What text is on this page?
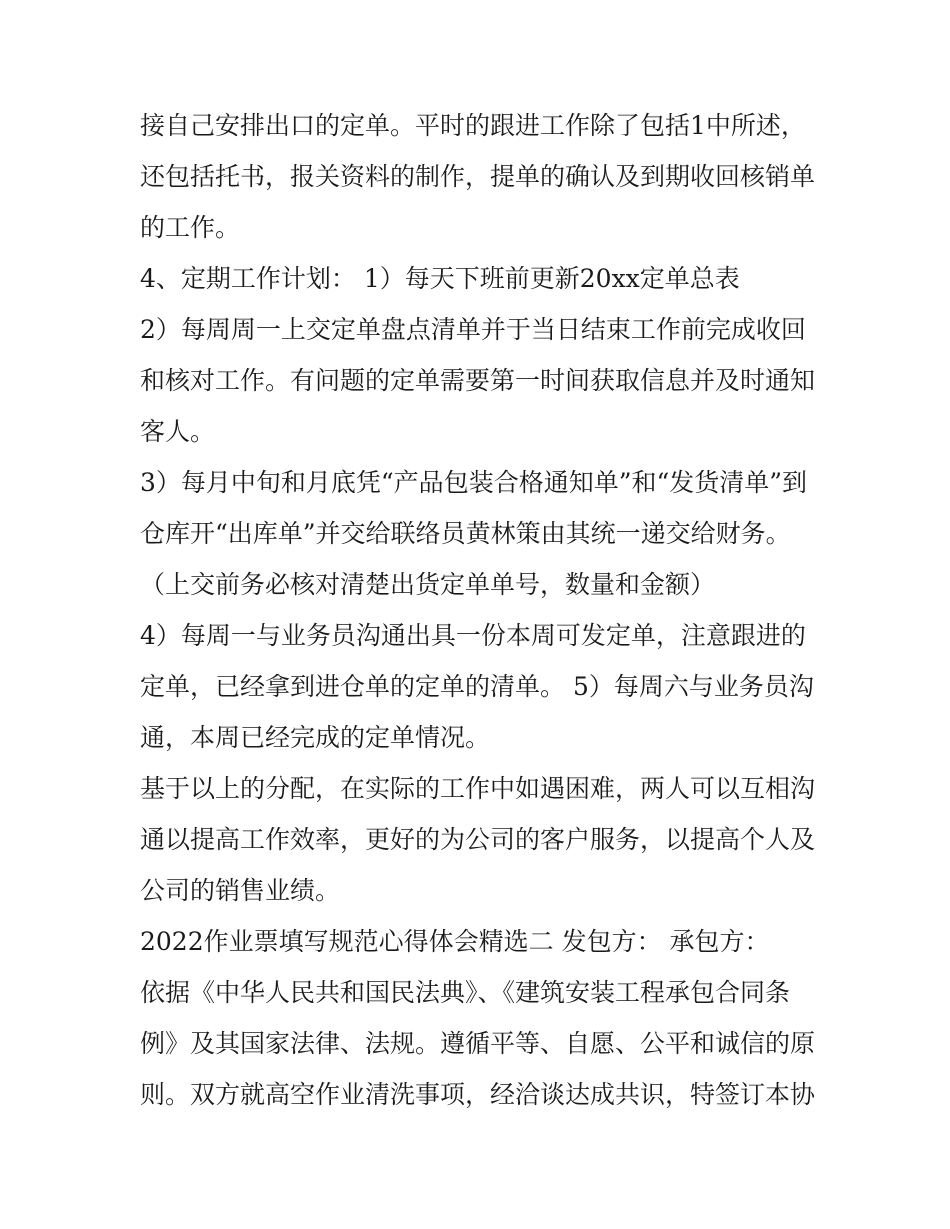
接自己安排出口的定单。平时的跟进工作除了包括1中所述，
还包括托书，报关资料的制作，提单的确认及到期收回核销单
的工作。
4、定期工作计划： 1）每天下班前更新20xx定单总表
2）每周周一上交定单盘点清单并于当日结束工作前完成收回
和核对工作。有问题的定单需要第一时间获取信息并及时通知
客人。
3）每月中旬和月底凭“产品包装合格通知单”和“发货清单”到
仓库开“出库单”并交给联络员黄林策由其统一递交给财务。
（上交前务必核对清楚出货定单单号，数量和金额）
4）每周一与业务员沟通出具一份本周可发定单，注意跟进的
定单，已经拿到进仓单的定单的清单。 5）每周六与业务员沟
通，本周已经完成的定单情况。
基于以上的分配，在实际的工作中如遇困难，两人可以互相沟
通以提高工作效率，更好的为公司的客户服务，以提高个人及
公司的销售业绩。
2022作业票填写规范心得体会精选二 发包方： 承包方：
依据《中华人民共和国民法典》、《建筑安装工程承包合同条
例》及其国家法律、法规。遵循平等、自愿、公平和诚信的原
则。双方就高空作业清洗事项，经洽谈达成共识，特签订本协
